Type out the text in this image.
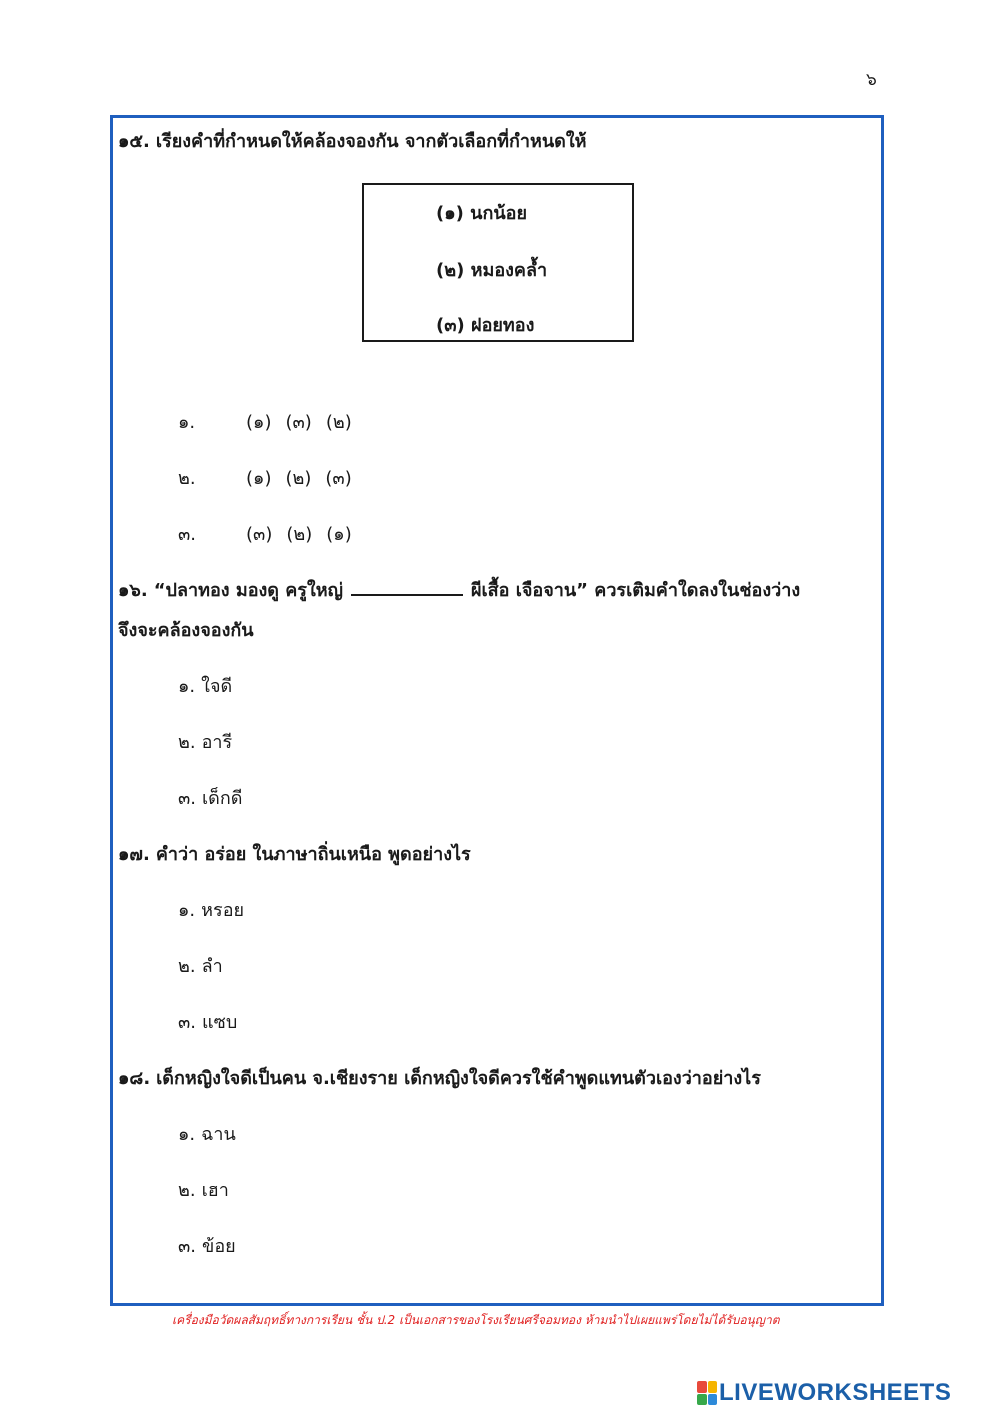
๖
๑๕. เรียงคำที่กำหนดให้คล้องจองกัน จากตัวเลือกที่กำหนดให้
(๑) นกน้อย
(๒) หมองคล้ำ
(๓) ฝอยทอง
๑.	(๑) (๓) (๒)
๒.	(๑) (๒) (๓)
๓.	(๓) (๒) (๑)
๑๖. “ปลาทอง มองดู ครูใหญ่	ผีเสื้อ เจือจาน” ควรเติมคำใดลงในช่องว่าง
จึงจะคล้องจองกัน
๑. ใจดี
๒. อารี
๓. เด็กดี
๑๗. คำว่า อร่อย ในภาษาถิ่นเหนือ พูดอย่างไร
๑. หรอย
๒. ลำ
๓. แซบ
๑๘. เด็กหญิงใจดีเป็นคน จ.เชียงราย เด็กหญิงใจดีควรใช้คำพูดแทนตัวเองว่าอย่างไร
๑. ฉาน
๒. เฮา
๓. ข้อย
เครื่องมือวัดผลสัมฤทธิ์ทางการเรียน ชั้น ป.2 เป็นเอกสารของโรงเรียนศรีจอมทอง ห้ามนำไปเผยแพร่โดยไม่ได้รับอนุญาต
LIVEWORKSHEETS
